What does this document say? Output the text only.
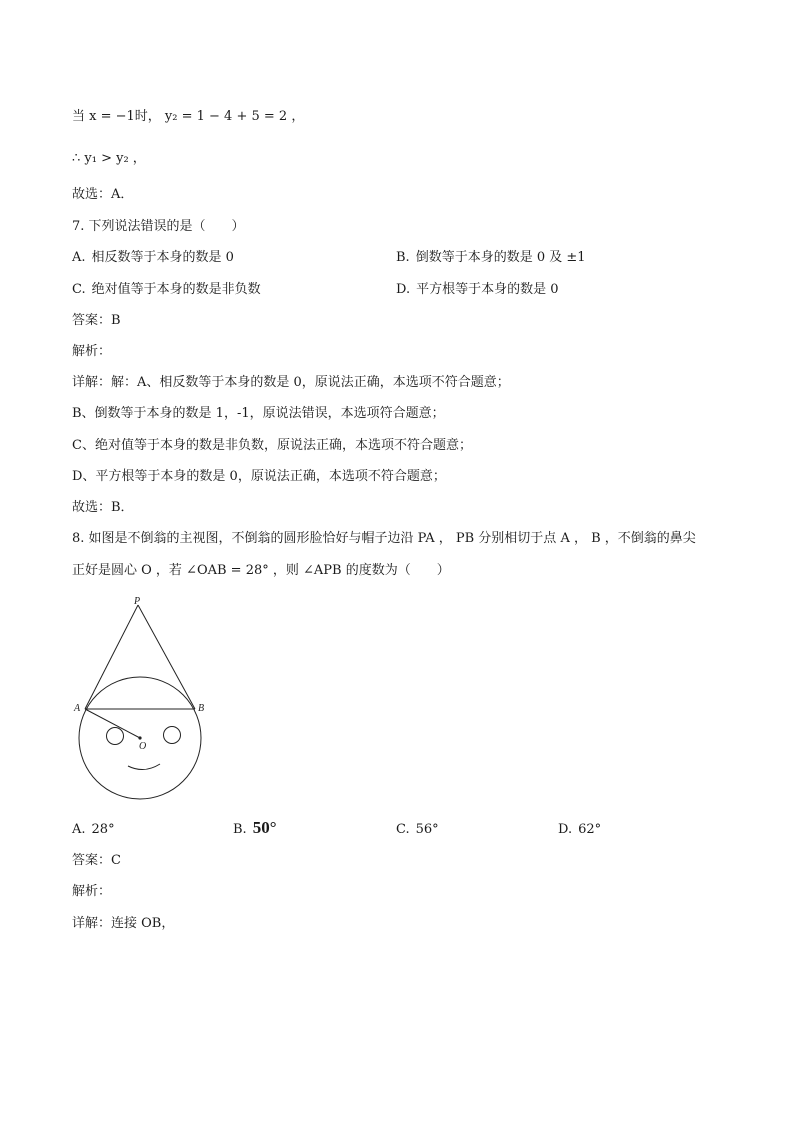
当 x = −1时， y₂ = 1 − 4 + 5 = 2 ，
∴ y₁ > y₂ ，
故选：A．
7. 下列说法错误的是（　　）
A. 相反数等于本身的数是 0	B. 倒数等于本身的数是 0 及 ±1
C. 绝对值等于本身的数是非负数	D. 平方根等于本身的数是 0
答案：B
解析：
详解：解：A、相反数等于本身的数是 0，原说法正确，本选项不符合题意；
B、倒数等于本身的数是 1，-1，原说法错误，本选项符合题意；
C、绝对值等于本身的数是非负数，原说法正确，本选项不符合题意；
D、平方根等于本身的数是 0，原说法正确，本选项不符合题意；
故选：B．
8. 如图是不倒翁的主视图，不倒翁的圆形脸恰好与帽子边沿 PA ， PB 分别相切于点 A ， B ，不倒翁的鼻尖
正好是圆心 O ，若 ∠OAB = 28° ，则 ∠APB 的度数为（　　）
P
A	B
O
A. 28°	B. 50°	C. 56°	D. 62°
答案：C
解析：
详解：连接 OB，
